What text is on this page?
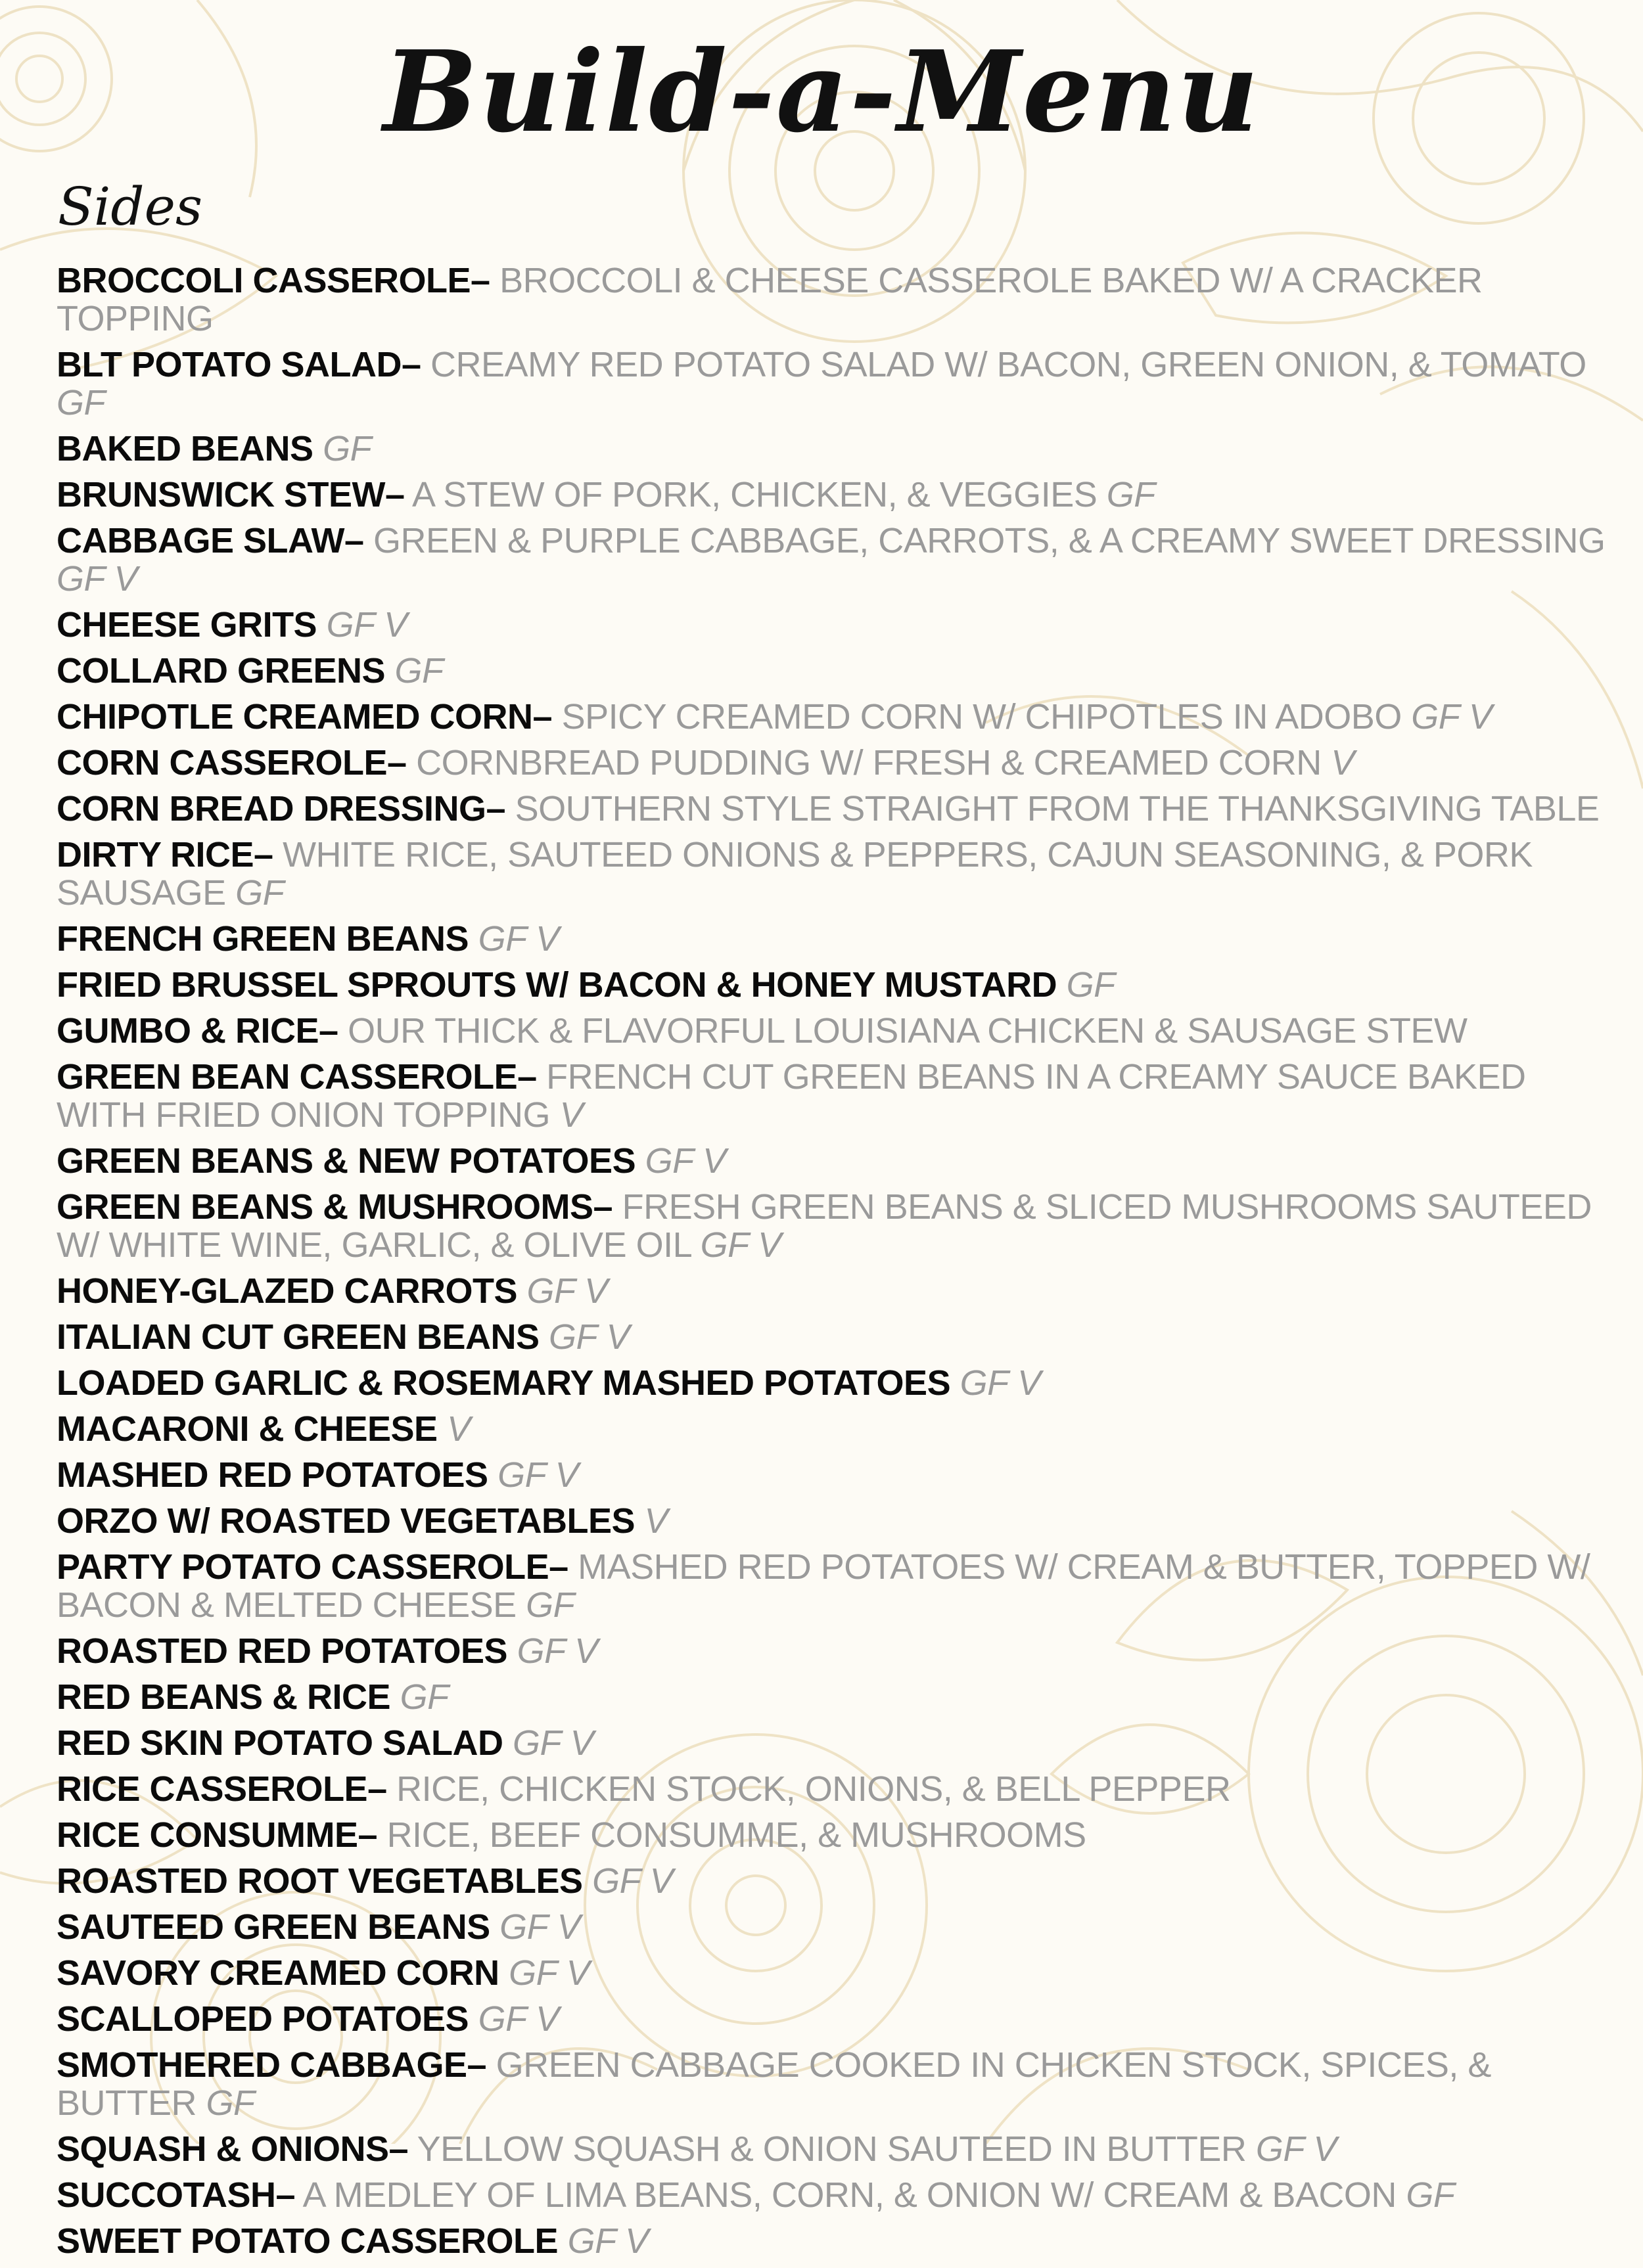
Build-a-Menu
Sides
BROCCOLI CASSEROLE– BROCCOLI & CHEESE CASSEROLE BAKED W/ A CRACKER TOPPING
BLT POTATO SALAD– CREAMY RED POTATO SALAD W/ BACON, GREEN ONION, & TOMATO GF
BAKED BEANS GF
BRUNSWICK STEW– A STEW OF PORK, CHICKEN, & VEGGIES GF
CABBAGE SLAW– GREEN & PURPLE CABBAGE, CARROTS, & A CREAMY SWEET DRESSING GF V
CHEESE GRITS GF V
COLLARD GREENS GF
CHIPOTLE CREAMED CORN– SPICY CREAMED CORN W/ CHIPOTLES IN ADOBO GF V
CORN CASSEROLE– CORNBREAD PUDDING W/ FRESH & CREAMED CORN V
CORN BREAD DRESSING– SOUTHERN STYLE STRAIGHT FROM THE THANKSGIVING TABLE
DIRTY RICE– WHITE RICE, SAUTEED ONIONS & PEPPERS, CAJUN SEASONING, & PORK SAUSAGE GF
FRENCH GREEN BEANS GF V
FRIED BRUSSEL SPROUTS W/ BACON & HONEY MUSTARD GF
GUMBO & RICE– OUR THICK & FLAVORFUL LOUISIANA CHICKEN & SAUSAGE STEW
GREEN BEAN CASSEROLE– FRENCH CUT GREEN BEANS IN A CREAMY SAUCE BAKED WITH FRIED ONION TOPPING V
GREEN BEANS & NEW POTATOES GF V
GREEN BEANS & MUSHROOMS– FRESH GREEN BEANS & SLICED MUSHROOMS SAUTEED W/ WHITE WINE, GARLIC, & OLIVE OIL GF V
HONEY-GLAZED CARROTS GF V
ITALIAN CUT GREEN BEANS GF V
LOADED GARLIC & ROSEMARY MASHED POTATOES GF V
MACARONI & CHEESE V
MASHED RED POTATOES GF V
ORZO W/ ROASTED VEGETABLES V
PARTY POTATO CASSEROLE– MASHED RED POTATOES W/ CREAM & BUTTER, TOPPED W/ BACON & MELTED CHEESE GF
ROASTED RED POTATOES GF V
RED BEANS & RICE GF
RED SKIN POTATO SALAD GF V
RICE CASSEROLE– RICE, CHICKEN STOCK, ONIONS, & BELL PEPPER
RICE CONSUMME– RICE, BEEF CONSUMME, & MUSHROOMS
ROASTED ROOT VEGETABLES GF V
SAUTEED GREEN BEANS GF V
SAVORY CREAMED CORN GF V
SCALLOPED POTATOES GF V
SMOTHERED CABBAGE– GREEN CABBAGE COOKED IN CHICKEN STOCK, SPICES, & BUTTER GF
SQUASH & ONIONS– YELLOW SQUASH & ONION SAUTEED IN BUTTER GF V
SUCCOTASH– A MEDLEY OF LIMA BEANS, CORN, & ONION W/ CREAM & BACON GF
SWEET POTATO CASSEROLE GF V
